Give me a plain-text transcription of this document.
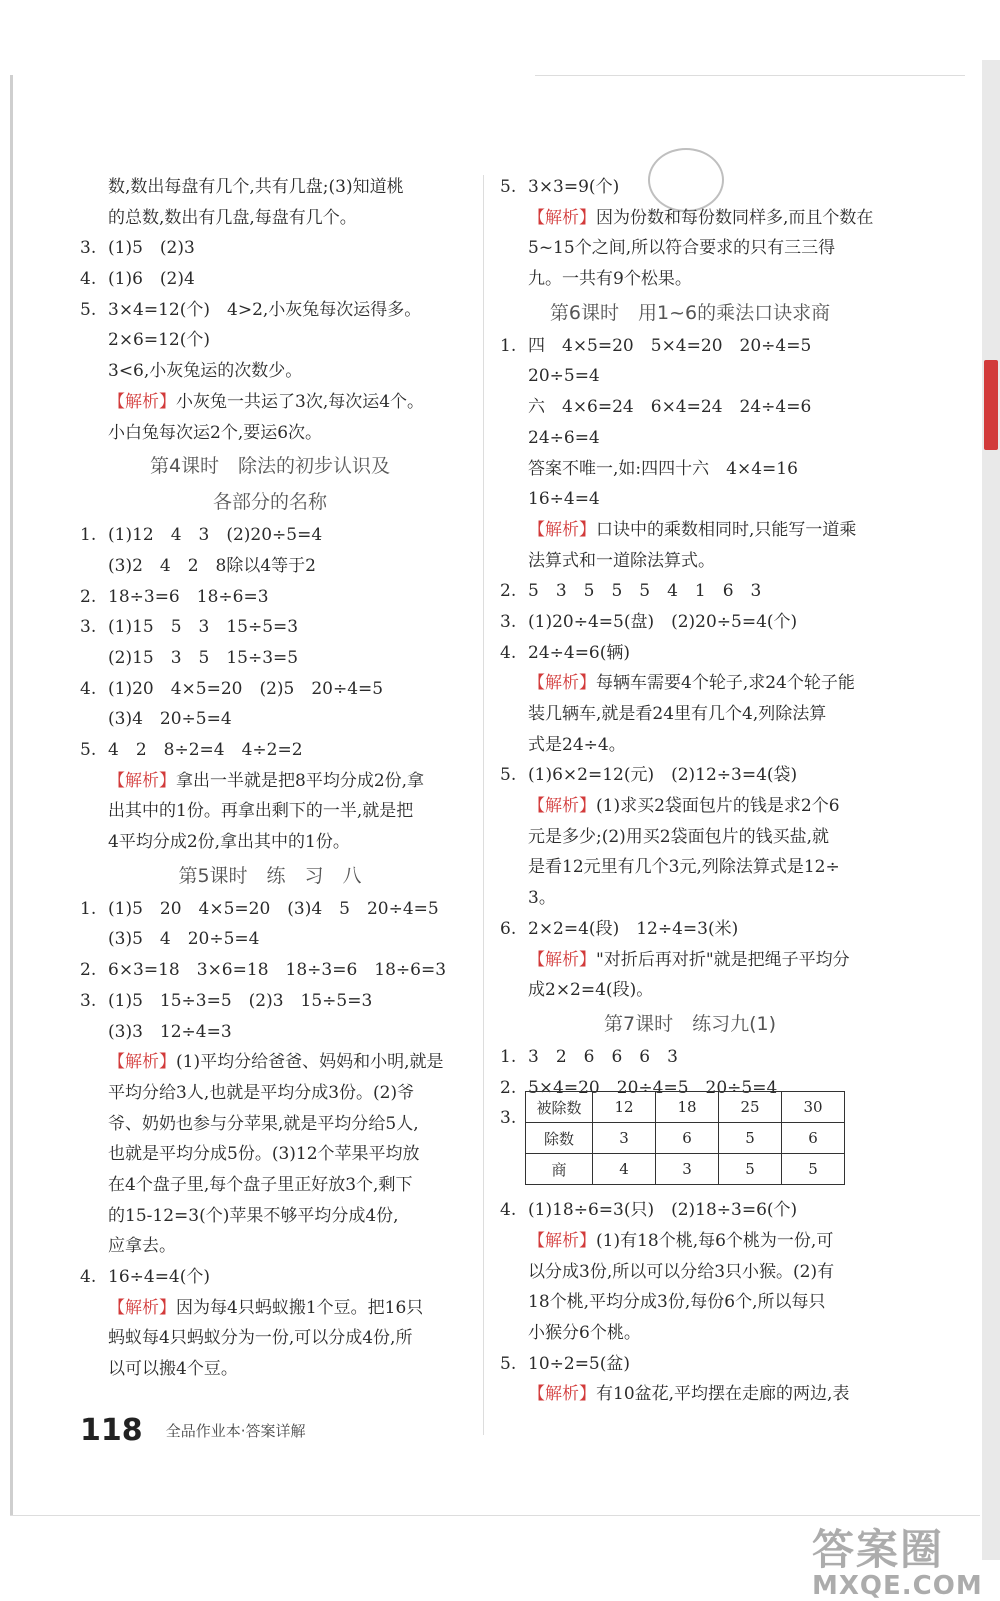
数,数出每盘有几个,共有几盘;(3)知道桃
的总数,数出有几盘,每盘有几个。
3. (1)5　(2)3
4. (1)6　(2)4
5. 3×4=12(个)　4>2,小灰兔每次运得多。
2×6=12(个)
3<6,小灰兔运的次数少。
【解析】小灰兔一共运了3次,每次运4个。
小白兔每次运2个,要运6次。
第4课时　除法的初步认识及
各部分的名称
1. (1)12　4　3　(2)20÷5=4
(3)2　4　2　8除以4等于2
2. 18÷3=6　18÷6=3
3. (1)15　5　3　15÷5=3
(2)15　3　5　15÷3=5
4. (1)20　4×5=20　(2)5　20÷4=5
(3)4　20÷5=4
5. 4　2　8÷2=4　4÷2=2
【解析】拿出一半就是把8平均分成2份,拿
出其中的1份。再拿出剩下的一半,就是把
4平均分成2份,拿出其中的1份。
第5课时　练　习　八
1. (1)5　20　4×5=20　(3)4　5　20÷4=5
(3)5　4　20÷5=4
2. 6×3=18　3×6=18　18÷3=6　18÷6=3
3. (1)5　15÷3=5　(2)3　15÷5=3
(3)3　12÷4=3
【解析】(1)平均分给爸爸、妈妈和小明,就是
平均分给3人,也就是平均分成3份。(2)爷
爷、奶奶也参与分苹果,就是平均分给5人,
也就是平均分成5份。(3)12个苹果平均放
在4个盘子里,每个盘子里正好放3个,剩下
的15-12=3(个)苹果不够平均分成4份,
应拿去。
4. 16÷4=4(个)
【解析】因为每4只蚂蚁搬1个豆。把16只
蚂蚁每4只蚂蚁分为一份,可以分成4份,所
以可以搬4个豆。
5. 3×3=9(个)
【解析】因为份数和每份数同样多,而且个数在
5~15个之间,所以符合要求的只有三三得
九。一共有9个松果。
第6课时　用1~6的乘法口诀求商
1. 四　4×5=20　5×4=20　20÷4=5
20÷5=4
六　4×6=24　6×4=24　24÷4=6
24÷6=4
答案不唯一,如:四四十六　4×4=16
16÷4=4
【解析】口诀中的乘数相同时,只能写一道乘
法算式和一道除法算式。
2. 5　3　5　5　5　4　1　6　3
3. (1)20÷4=5(盘)　(2)20÷5=4(个)
4. 24÷4=6(辆)
【解析】每辆车需要4个轮子,求24个轮子能
装几辆车,就是看24里有几个4,列除法算
式是24÷4。
5. (1)6×2=12(元)　(2)12÷3=4(袋)
【解析】(1)求买2袋面包片的钱是求2个6
元是多少;(2)用买2袋面包片的钱买盐,就
是看12元里有几个3元,列除法算式是12÷
3。
6. 2×2=4(段)　12÷4=3(米)
【解析】"对折后再对折"就是把绳子平均分
成2×2=4(段)。
第7课时　练习九(1)
1. 3　2　6　6　6　3
2. 5×4=20　20÷4=5　20÷5=4
3.
4. (1)18÷6=3(只)　(2)18÷3=6(个)
【解析】(1)有18个桃,每6个桃为一份,可
以分成3份,所以可以分给3只小猴。(2)有
18个桃,平均分成3份,每份6个,所以每只
小猴分6个桃。
5. 10÷2=5(盆)
【解析】有10盆花,平均摆在走廊的两边,表
被除数	12	18	25	30
除数	3	6	5	6
商	4	3	5	5
118 全品作业本·答案详解
答案圈
MXQE.COM
